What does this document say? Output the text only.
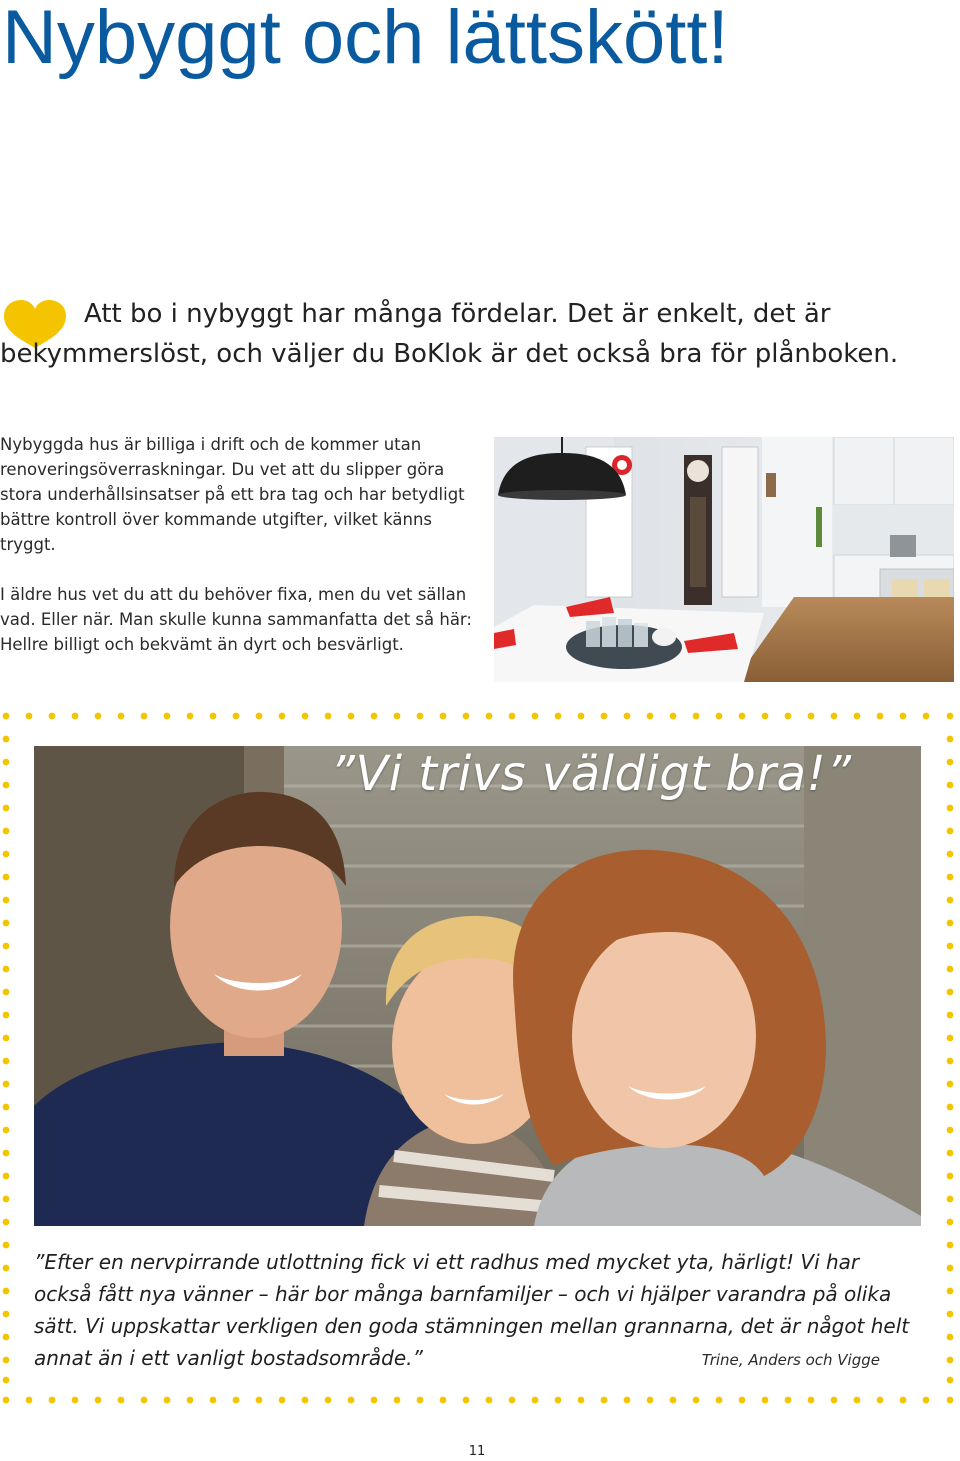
Nybyggt och lättskött!

Att bo i nybyggt har många fördelar. Det är enkelt, det är bekymmerslöst, och väljer du BoKlok är det också bra för plånboken.

Nybyggda hus är billiga i drift och de kommer utan renoveringsöverraskningar. Du vet att du slipper göra stora underhållsinsatser på ett bra tag och har betydligt bättre kontroll över kommande utgifter, vilket känns tryggt.

I äldre hus vet du att du behöver fixa, men du vet sällan vad. Eller när. Man skulle kunna sammanfatta det så här: Hellre billigt och bekvämt än dyrt och besvärligt.

”Vi trivs väldigt bra!”

”Efter en nervpirrande utlottning fick vi ett radhus med mycket yta, härligt! Vi har också fått nya vänner – här bor många barnfamiljer – och vi hjälper varandra på olika sätt. Vi uppskattar verkligen den goda stämningen mellan grannarna, det är något helt annat än i ett vanligt bostadsområde.”	Trine, Anders och Vigge

11
